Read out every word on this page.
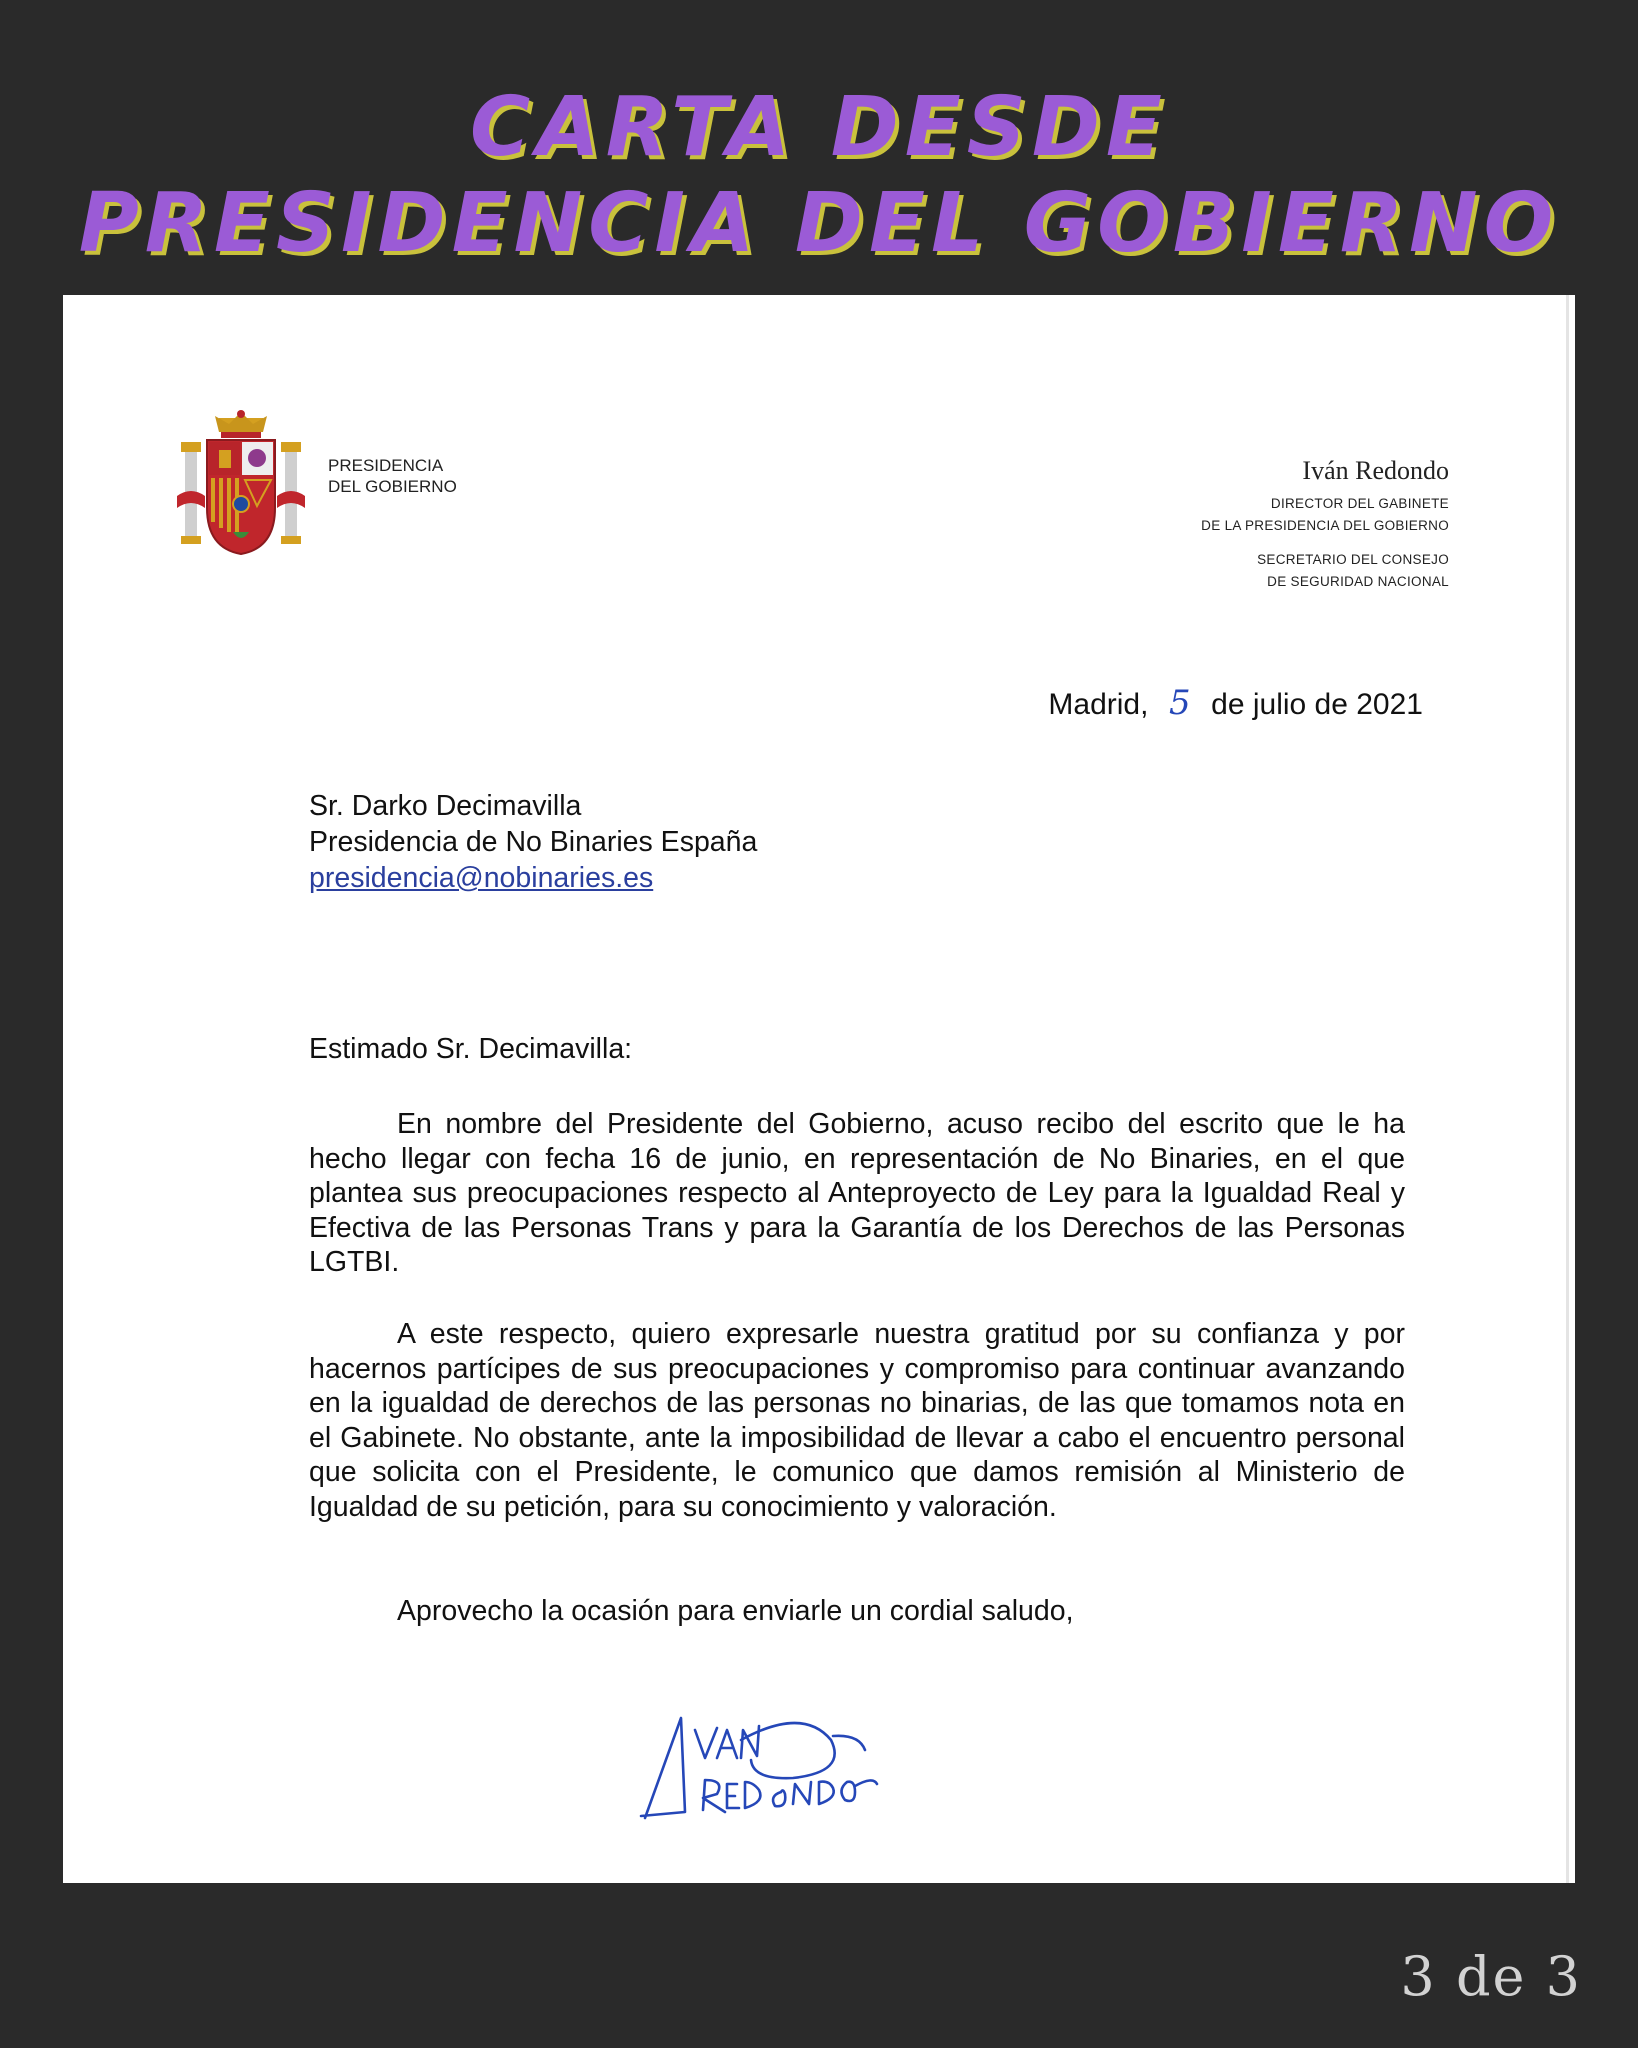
CARTA DESDE
PRESIDENCIA DEL GOBIERNO
PRESIDENCIA
DEL GOBIERNO
Iván Redondo
DIRECTOR DEL GABINETE
DE LA PRESIDENCIA DEL GOBIERNO
SECRETARIO DEL CONSEJO
DE SEGURIDAD NACIONAL
Madrid, 5 de julio de 2021
Sr. Darko Decimavilla
Presidencia de No Binaries España
presidencia@nobinaries.es
Estimado Sr. Decimavilla:
En nombre del Presidente del Gobierno, acuso recibo del escrito que le ha hecho llegar con fecha 16 de junio, en representación de No Binaries, en el que plantea sus preocupaciones respecto al Anteproyecto de Ley para la Igualdad Real y Efectiva de las Personas Trans y para la Garantía de los Derechos de las Personas LGTBI.
A este respecto, quiero expresarle nuestra gratitud por su confianza y por hacernos partícipes de sus preocupaciones y compromiso para continuar avanzando en la igualdad de derechos de las personas no binarias, de las que tomamos nota en el Gabinete. No obstante, ante la imposibilidad de llevar a cabo el encuentro personal que solicita con el Presidente, le comunico que damos remisión al Ministerio de Igualdad de su petición, para su conocimiento y valoración.
Aprovecho la ocasión para enviarle un cordial saludo,
3 de 3
